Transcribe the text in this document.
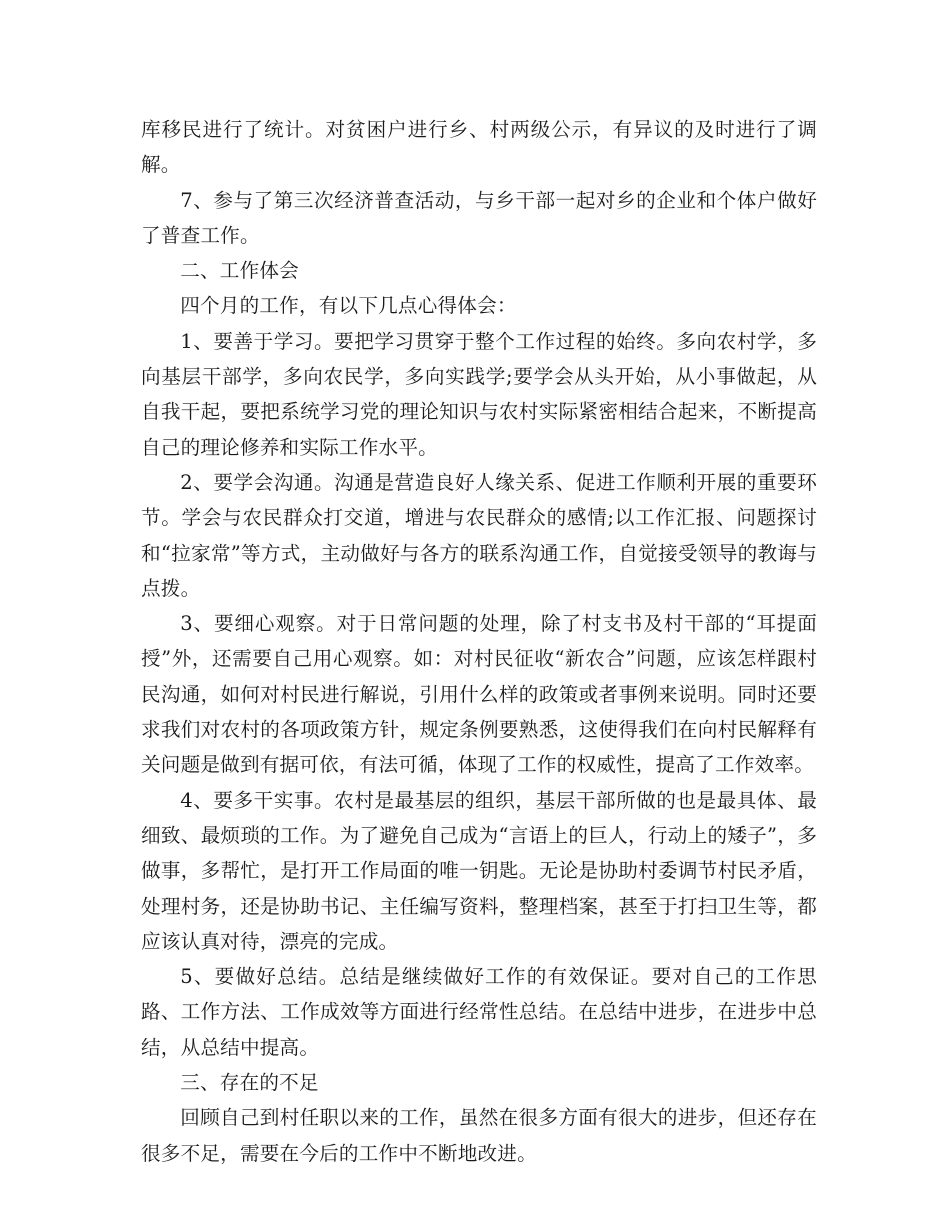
库移民进行了统计。对贫困户进行乡、村两级公示，有异议的及时进行了调解。

7、参与了第三次经济普查活动，与乡干部一起对乡的企业和个体户做好了普查工作。

二、工作体会

四个月的工作，有以下几点心得体会：

1、要善于学习。要把学习贯穿于整个工作过程的始终。多向农村学，多向基层干部学，多向农民学，多向实践学;要学会从头开始，从小事做起，从自我干起，要把系统学习党的理论知识与农村实际紧密相结合起来，不断提高自己的理论修养和实际工作水平。

2、要学会沟通。沟通是营造良好人缘关系、促进工作顺利开展的重要环节。学会与农民群众打交道，增进与农民群众的感情;以工作汇报、问题探讨和“拉家常”等方式，主动做好与各方的联系沟通工作，自觉接受领导的教诲与点拨。

3、要细心观察。对于日常问题的处理，除了村支书及村干部的“耳提面授”外，还需要自己用心观察。如：对村民征收“新农合”问题，应该怎样跟村民沟通，如何对村民进行解说，引用什么样的政策或者事例来说明。同时还要求我们对农村的各项政策方针，规定条例要熟悉，这使得我们在向村民解释有关问题是做到有据可依，有法可循，体现了工作的权威性，提高了工作效率。

4、要多干实事。农村是最基层的组织，基层干部所做的也是最具体、最细致、最烦琐的工作。为了避免自己成为“言语上的巨人，行动上的矮子”，多做事，多帮忙，是打开工作局面的唯一钥匙。无论是协助村委调节村民矛盾，处理村务，还是协助书记、主任编写资料，整理档案，甚至于打扫卫生等，都应该认真对待，漂亮的完成。

5、要做好总结。总结是继续做好工作的有效保证。要对自己的工作思路、工作方法、工作成效等方面进行经常性总结。在总结中进步，在进步中总结，从总结中提高。

三、存在的不足

回顾自己到村任职以来的工作，虽然在很多方面有很大的进步，但还存在很多不足，需要在今后的工作中不断地改进。
